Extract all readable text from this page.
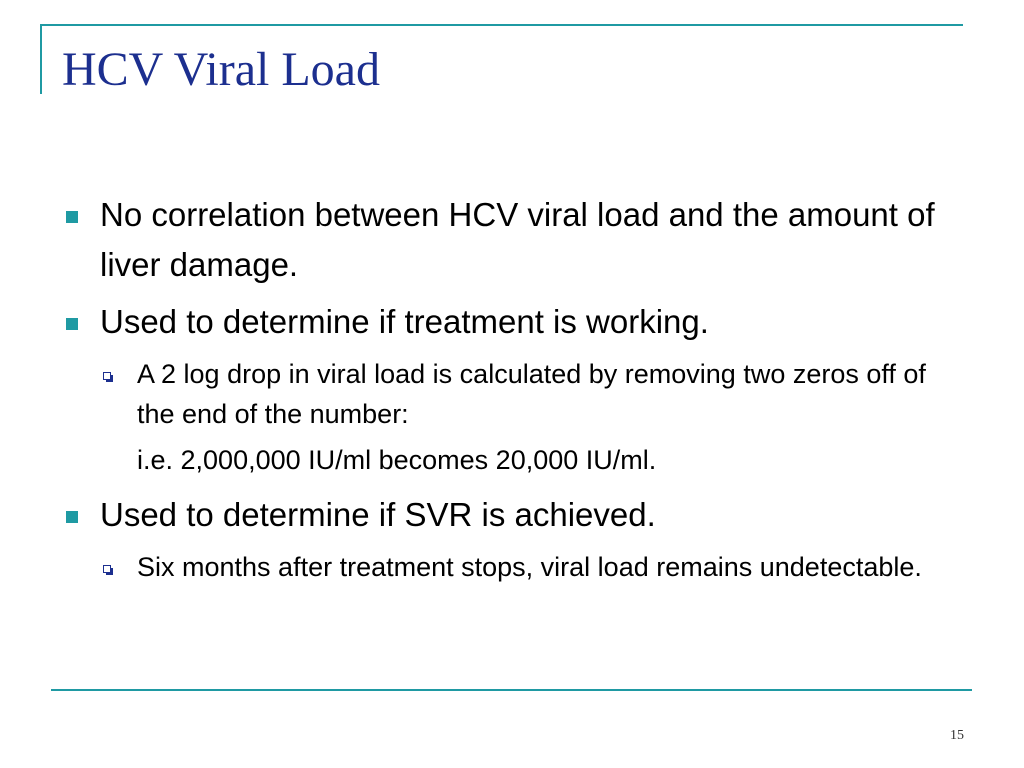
HCV Viral Load
No correlation between HCV viral load and the amount of liver damage.
Used to determine if treatment is working.
A 2 log drop in viral load is calculated by removing two zeros off of the end of the number:
i.e. 2,000,000 IU/ml becomes 20,000 IU/ml.
Used to determine if SVR is achieved.
Six months after treatment stops, viral load remains undetectable.
15
